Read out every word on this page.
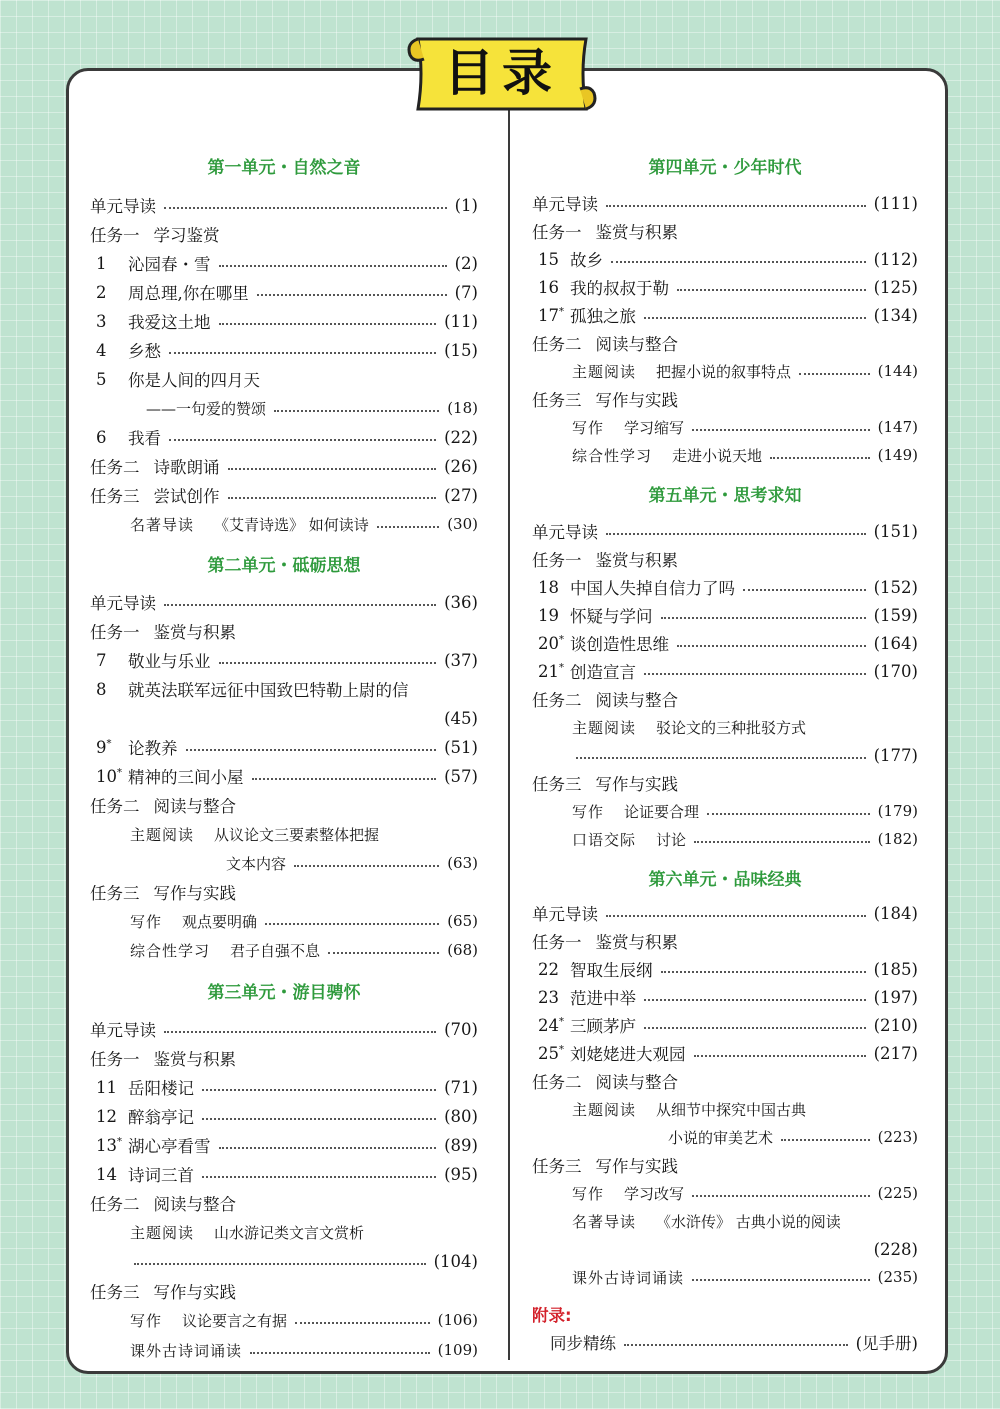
目录
第一单元・自然之音
单元导读	(1)
任务一 学习鉴赏
1	沁园春・雪	(2)
2	周总理,你在哪里	(7)
3	我爱这土地	(11)
4	乡愁	(15)
5	你是人间的四月天
——一句爱的赞颂	(18)
6	我看	(22)
任务二 诗歌朗诵	(26)
任务三 尝试创作	(27)
名著导读 《艾青诗选》 如何读诗	(30)
第二单元・砥砺思想
单元导读	(36)
任务一 鉴赏与积累
7	敬业与乐业	(37)
8	就英法联军远征中国致巴特勒上尉的信
(45)
9*	论教养	(51)
10* 精神的三间小屋	(57)
任务二 阅读与整合
主题阅读 从议论文三要素整体把握
文本内容	(63)
任务三 写作与实践
写作 观点要明确	(65)
综合性学习 君子自强不息	(68)
第三单元・游目骋怀
单元导读	(70)
任务一 鉴赏与积累
11 岳阳楼记	(71)
12 醉翁亭记	(80)
13* 湖心亭看雪	(89)
14 诗词三首	(95)
任务二 阅读与整合
主题阅读 山水游记类文言文赏析
(104)
任务三 写作与实践
写作 议论要言之有据	(106)
课外古诗词诵读	(109)
第四单元・少年时代
单元导读	(111)
任务一 鉴赏与积累
15 故乡	(112)
16 我的叔叔于勒	(125)
17* 孤独之旅	(134)
任务二 阅读与整合
主题阅读 把握小说的叙事特点	(144)
任务三 写作与实践
写作 学习缩写	(147)
综合性学习 走进小说天地	(149)
第五单元・思考求知
单元导读	(151)
任务一 鉴赏与积累
18 中国人失掉自信力了吗	(152)
19 怀疑与学问	(159)
20* 谈创造性思维	(164)
21* 创造宣言	(170)
任务二 阅读与整合
主题阅读 驳论文的三种批驳方式
(177)
任务三 写作与实践
写作 论证要合理	(179)
口语交际 讨论	(182)
第六单元・品味经典
单元导读	(184)
任务一 鉴赏与积累
22 智取生辰纲	(185)
23 范进中举	(197)
24* 三顾茅庐	(210)
25* 刘姥姥进大观园	(217)
任务二 阅读与整合
主题阅读 从细节中探究中国古典
小说的审美艺术	(223)
任务三 写作与实践
写作 学习改写	(225)
名著导读 《水浒传》 古典小说的阅读
(228)
课外古诗词诵读	(235)
附录:
同步精练	(见手册)
